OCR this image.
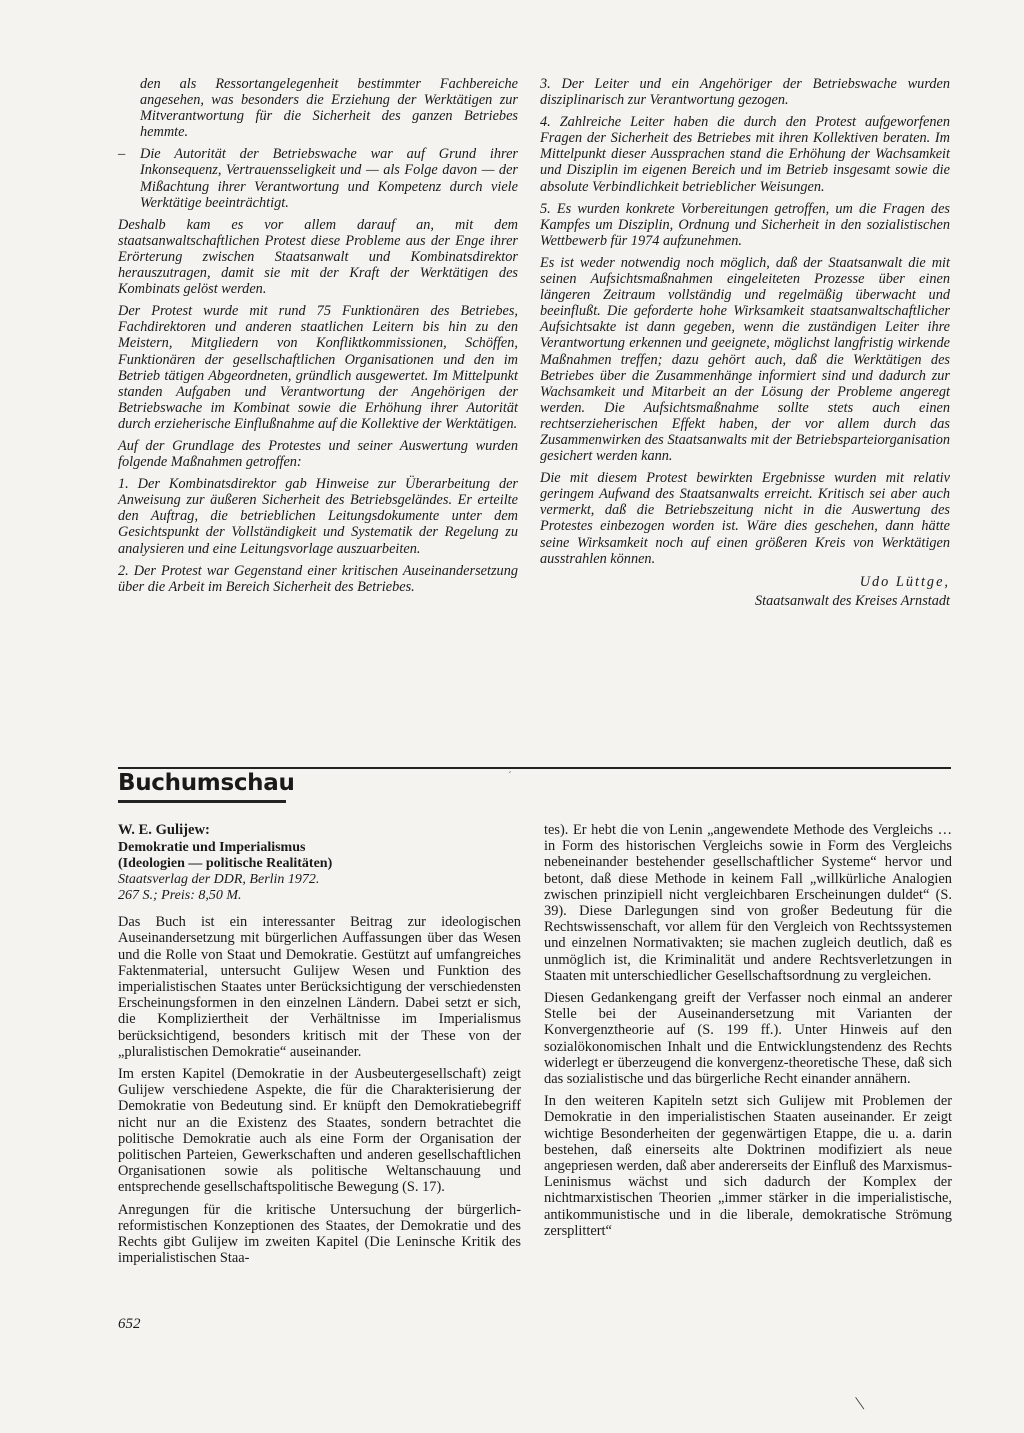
den als Ressortangelegenheit bestimmter Fachbereiche angesehen, was besonders die Erziehung der Werktätigen zur Mitverantwortung für die Sicherheit des ganzen Betriebes hemmte.

– Die Autorität der Betriebswache war auf Grund ihrer Inkonsequenz, Vertrauensseligkeit und — als Folge davon — der Mißachtung ihrer Verantwortung und Kompetenz durch viele Werktätige beeinträchtigt.

Deshalb kam es vor allem darauf an, mit dem staatsanwaltschaftlichen Protest diese Probleme aus der Enge ihrer Erörterung zwischen Staatsanwalt und Kombinatsdirektor herauszutragen, damit sie mit der Kraft der Werktätigen des Kombinats gelöst werden.

Der Protest wurde mit rund 75 Funktionären des Betriebes, Fachdirektoren und anderen staatlichen Leitern bis hin zu den Meistern, Mitgliedern von Konfliktkommissionen, Schöffen, Funktionären der gesellschaftlichen Organisationen und den im Betrieb tätigen Abgeordneten, gründlich ausgewertet. Im Mittelpunkt standen Aufgaben und Verantwortung der Angehörigen der Betriebswache im Kombinat sowie die Erhöhung ihrer Autorität durch erzieherische Einflußnahme auf die Kollektive der Werktätigen.

Auf der Grundlage des Protestes und seiner Auswertung wurden folgende Maßnahmen getroffen:

1. Der Kombinatsdirektor gab Hinweise zur Überarbeitung der Anweisung zur äußeren Sicherheit des Betriebsgeländes. Er erteilte den Auftrag, die betrieblichen Leitungsdokumente unter dem Gesichtspunkt der Vollständigkeit und Systematik der Regelung zu analysieren und eine Leitungsvorlage auszuarbeiten.

2. Der Protest war Gegenstand einer kritischen Auseinandersetzung über die Arbeit im Bereich Sicherheit des Betriebes.

3. Der Leiter und ein Angehöriger der Betriebswache wurden disziplinarisch zur Verantwortung gezogen.

4. Zahlreiche Leiter haben die durch den Protest aufgeworfenen Fragen der Sicherheit des Betriebes mit ihren Kollektiven beraten. Im Mittelpunkt dieser Aussprachen stand die Erhöhung der Wachsamkeit und Disziplin im eigenen Bereich und im Betrieb insgesamt sowie die absolute Verbindlichkeit betrieblicher Weisungen.

5. Es wurden konkrete Vorbereitungen getroffen, um die Fragen des Kampfes um Disziplin, Ordnung und Sicherheit in den sozialistischen Wettbewerb für 1974 aufzunehmen.

Es ist weder notwendig noch möglich, daß der Staatsanwalt die mit seinen Aufsichtsmaßnahmen eingeleiteten Prozesse über einen längeren Zeitraum vollständig und regelmäßig überwacht und beeinflußt. Die geforderte hohe Wirksamkeit staatsanwaltschaftlicher Aufsichtsakte ist dann gegeben, wenn die zuständigen Leiter ihre Verantwortung erkennen und geeignete, möglichst langfristig wirkende Maßnahmen treffen; dazu gehört auch, daß die Werktätigen des Betriebes über die Zusammenhänge informiert sind und dadurch zur Wachsamkeit und Mitarbeit an der Lösung der Probleme angeregt werden. Die Aufsichtsmaßnahme sollte stets auch einen rechtserzieherischen Effekt haben, der vor allem durch das Zusammenwirken des Staatsanwalts mit der Betriebsparteiorganisation gesichert werden kann.

Die mit diesem Protest bewirkten Ergebnisse wurden mit relativ geringem Aufwand des Staatsanwalts erreicht. Kritisch sei aber auch vermerkt, daß die Betriebszeitung nicht in die Auswertung des Protestes einbezogen worden ist. Wäre dies geschehen, dann hätte seine Wirksamkeit noch auf einen größeren Kreis von Werktätigen ausstrahlen können.

Udo Lüttge,
Staatsanwalt des Kreises Arnstadt
ˊ
Buchumschau
W. E. Gulijew:
Demokratie und Imperialismus
(Ideologien — politische Realitäten)
Staatsverlag der DDR, Berlin 1972.
267 S.; Preis: 8,50 M.

Das Buch ist ein interessanter Beitrag zur ideologischen Auseinandersetzung mit bürgerlichen Auffassungen über das Wesen und die Rolle von Staat und Demokratie. Gestützt auf umfangreiches Faktenmaterial, untersucht Gulijew Wesen und Funktion des imperialistischen Staates unter Berücksichtigung der verschiedensten Erscheinungsformen in den einzelnen Ländern. Dabei setzt er sich, die Kompliziertheit der Verhältnisse im Imperialismus berücksichtigend, besonders kritisch mit der These von der „pluralistischen Demokratie“ auseinander.

Im ersten Kapitel (Demokratie in der Ausbeutergesellschaft) zeigt Gulijew verschiedene Aspekte, die für die Charakterisierung der Demokratie von Bedeutung sind. Er knüpft den Demokratiebegriff nicht nur an die Existenz des Staates, sondern betrachtet die politische Demokratie auch als eine Form der Organisation der politischen Parteien, Gewerkschaften und anderen gesellschaftlichen Organisationen sowie als politische Weltanschauung und entsprechende gesellschaftspolitische Bewegung (S. 17).

Anregungen für die kritische Untersuchung der bürgerlich-reformistischen Konzeptionen des Staates, der Demokratie und des Rechts gibt Gulijew im zweiten Kapitel (Die Leninsche Kritik des imperialistischen Staa-

tes). Er hebt die von Lenin „angewendete Methode des Vergleichs … in Form des historischen Vergleichs sowie in Form des Vergleichs nebeneinander bestehender gesellschaftlicher Systeme“ hervor und betont, daß diese Methode in keinem Fall „willkürliche Analogien zwischen prinzipiell nicht vergleichbaren Erscheinungen duldet“ (S. 39). Diese Darlegungen sind von großer Bedeutung für die Rechtswissenschaft, vor allem für den Vergleich von Rechtssystemen und einzelnen Normativakten; sie machen zugleich deutlich, daß es unmöglich ist, die Kriminalität und andere Rechtsverletzungen in Staaten mit unterschiedlicher Gesellschaftsordnung zu vergleichen.

Diesen Gedankengang greift der Verfasser noch einmal an anderer Stelle bei der Auseinandersetzung mit Varianten der Konvergenztheorie auf (S. 199 ff.). Unter Hinweis auf den sozialökonomischen Inhalt und die Entwicklungstendenz des Rechts widerlegt er überzeugend die konvergenz-theoretische These, daß sich das sozialistische und das bürgerliche Recht einander annähern.

In den weiteren Kapiteln setzt sich Gulijew mit Problemen der Demokratie in den imperialistischen Staaten auseinander. Er zeigt wichtige Besonderheiten der gegenwärtigen Etappe, die u. a. darin bestehen, daß einerseits alte Doktrinen modifiziert als neue angepriesen werden, daß aber andererseits der Einfluß des Marxismus-Leninismus wächst und sich dadurch der Komplex der nichtmarxistischen Theorien „immer stärker in die imperialistische, antikommunistische und in die liberale, demokratische Strömung zersplittert“

652
|
